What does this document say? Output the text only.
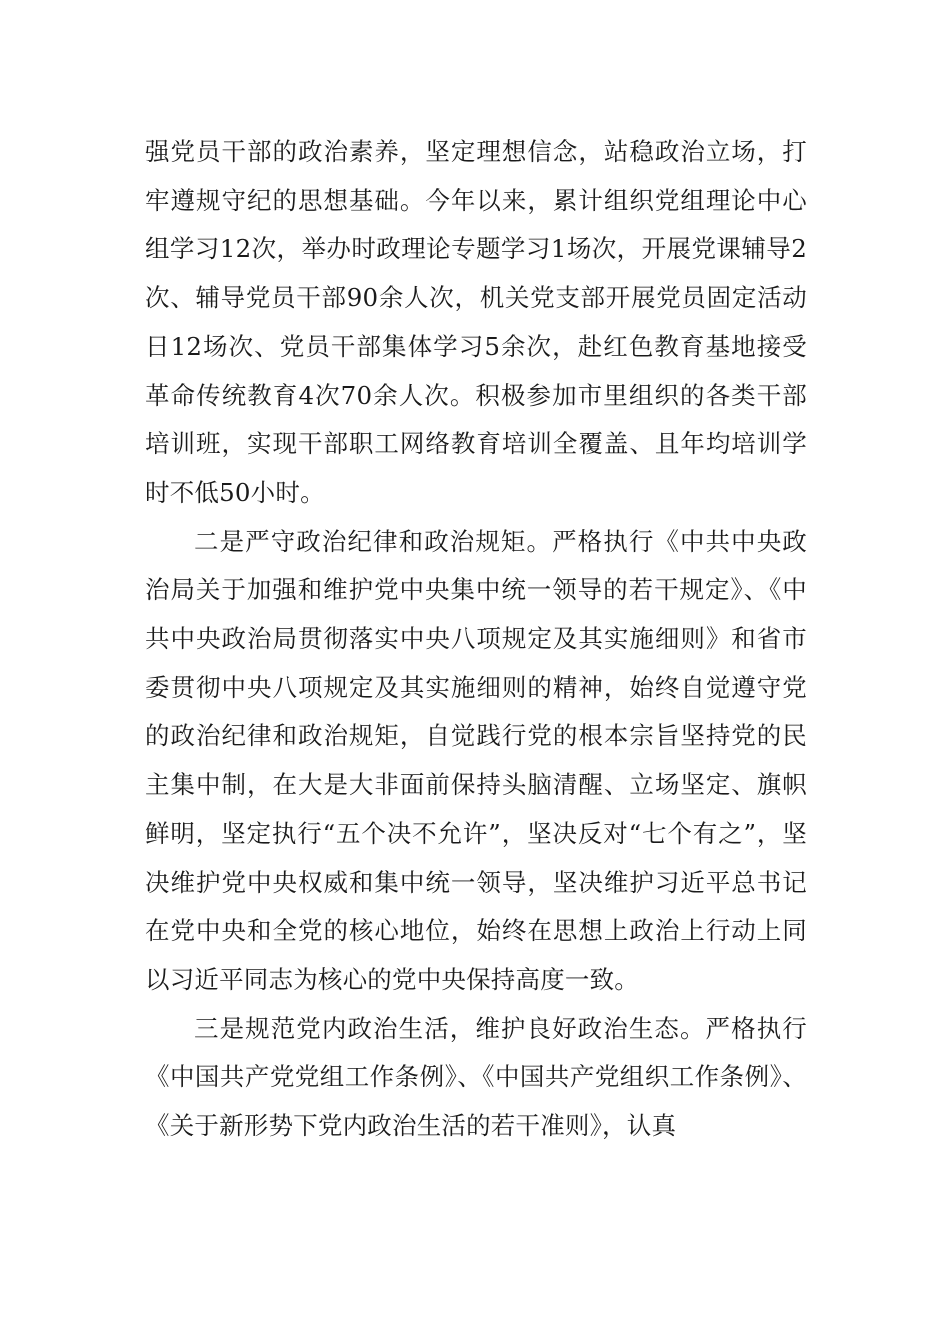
强党员干部的政治素养，坚定理想信念，站稳政治立场，打牢遵规守纪的思想基础。今年以来，累计组织党组理论中心组学习12次，举办时政理论专题学习1场次，开展党课辅导2次、辅导党员干部90余人次，机关党支部开展党员固定活动日12场次、党员干部集体学习5余次，赴红色教育基地接受革命传统教育4次70余人次。积极参加市里组织的各类干部培训班，实现干部职工网络教育培训全覆盖、且年均培训学时不低50小时。

二是严守政治纪律和政治规矩。严格执行《中共中央政治局关于加强和维护党中央集中统一领导的若干规定》、《中共中央政治局贯彻落实中央八项规定及其实施细则》和省市委贯彻中央八项规定及其实施细则的精神，始终自觉遵守党的政治纪律和政治规矩，自觉践行党的根本宗旨坚持党的民主集中制，在大是大非面前保持头脑清醒、立场坚定、旗帜鲜明，坚定执行“五个决不允许”，坚决反对“七个有之”，坚决维护党中央权威和集中统一领导，坚决维护习近平总书记在党中央和全党的核心地位，始终在思想上政治上行动上同以习近平同志为核心的党中央保持高度一致。

三是规范党内政治生活，维护良好政治生态。严格执行《中国共产党党组工作条例》、《中国共产党组织工作条例》、《关于新形势下党内政治生活的若干准则》，认真
